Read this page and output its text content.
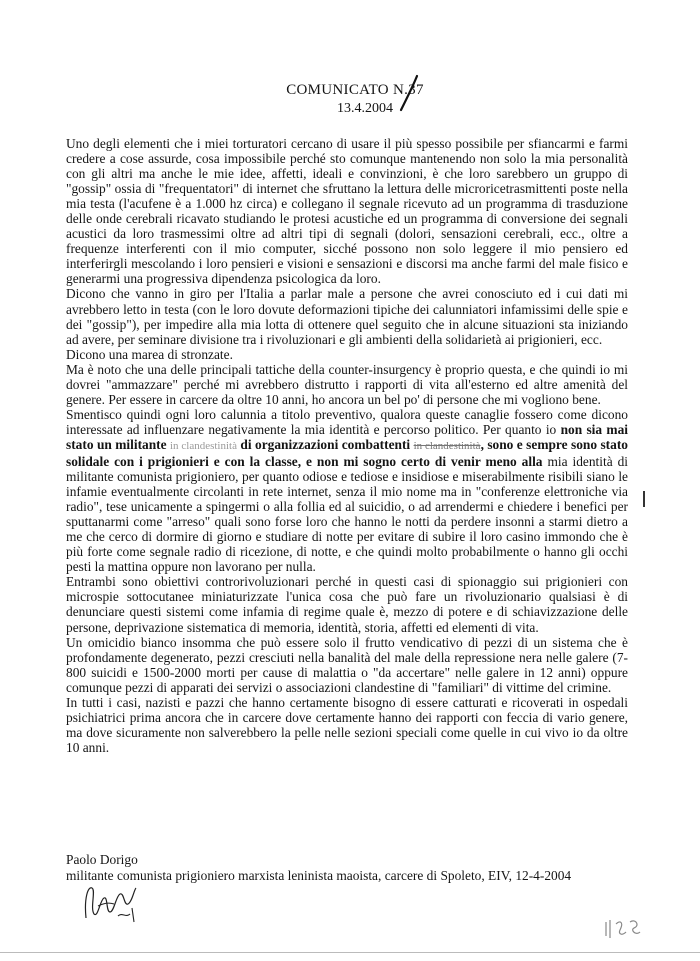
COMUNICATO N.37
13.4.2004

Uno degli elementi che i miei torturatori cercano di usare il più spesso possibile per sfiancarmi e farmi credere a cose assurde, cosa impossibile perché sto comunque mantenendo non solo la mia personalità con gli altri ma anche le mie idee, affetti, ideali e convinzioni, è che loro sarebbero un gruppo di "gossip" ossia di "frequentatori" di internet che sfruttano la lettura delle microricetrasmittenti poste nella mia testa (l'acufene è a 1.000 hz circa) e collegano il segnale ricevuto ad un programma di trasduzione delle onde cerebrali ricavato studiando le protesi acustiche ed un programma di conversione dei segnali acustici da loro trasmessimi oltre ad altri tipi di segnali (dolori, sensazioni cerebrali, ecc., oltre a frequenze interferenti con il mio computer, sicché possono non solo leggere il mio pensiero ed interferirgli mescolando i loro pensieri e visioni e sensazioni e discorsi ma anche farmi del male fisico e generarmi una progressiva dipendenza psicologica da loro.

Dicono che vanno in giro per l'Italia a parlar male a persone che avrei conosciuto ed i cui dati mi avrebbero letto in testa (con le loro dovute deformazioni tipiche dei calunniatori infamissimi delle spie e dei "gossip"), per impedire alla mia lotta di ottenere quel seguito che in alcune situazioni sta iniziando ad avere, per seminare divisione tra i rivoluzionari e gli ambienti della solidarietà ai prigionieri, ecc.

Dicono una marea di stronzate.

Ma è noto che una delle principali tattiche della counter-insurgency è proprio questa, e che quindi io mi dovrei "ammazzare" perché mi avrebbero distrutto i rapporti di vita all'esterno ed altre amenità del genere. Per essere in carcere da oltre 10 anni, ho ancora un bel po' di persone che mi vogliono bene.

Smentisco quindi ogni loro calunnia a titolo preventivo, qualora queste canaglie fossero come dicono interessate ad influenzare negativamente la mia identità e percorso politico. Per quanto io non sia mai stato un militante in clandestinità di organizzazioni combattenti in clandestinità, sono e sempre sono stato solidale con i prigionieri e con la classe, e non mi sogno certo di venir meno alla mia identità di militante comunista prigioniero, per quanto odiose e tediose e insidiose e miserabilmente risibili siano le infamie eventualmente circolanti in rete internet, senza il mio nome ma in "conferenze elettroniche via radio", tese unicamente a spingermi o alla follia ed al suicidio, o ad arrendermi e chiedere i benefici per sputtanarmi come "arreso" quali sono forse loro che hanno le notti da perdere insonni a starmi dietro a me che cerco di dormire di giorno e studiare di notte per evitare di subire il loro casino immondo che è più forte come segnale radio di ricezione, di notte, e che quindi molto probabilmente o hanno gli occhi pesti la mattina oppure non lavorano per nulla.

Entrambi sono obiettivi controrivoluzionari perché in questi casi di spionaggio sui prigionieri con microspie sottocutanee miniaturizzate l'unica cosa che può fare un rivoluzionario qualsiasi è di denunciare questi sistemi come infamia di regime quale è, mezzo di potere e di schiavizzazione delle persone, deprivazione sistematica di memoria, identità, storia, affetti ed elementi di vita.

Un omicidio bianco insomma che può essere solo il frutto vendicativo di pezzi di un sistema che è profondamente degenerato, pezzi cresciuti nella banalità del male della repressione nera nelle galere (7-800 suicidi e 1500-2000 morti per cause di malattia o "da accertare" nelle galere in 12 anni) oppure comunque pezzi di apparati dei servizi o associazioni clandestine di "familiari" di vittime del crimine.

In tutti i casi, nazisti e pazzi che hanno certamente bisogno di essere catturati e ricoverati in ospedali psichiatrici prima ancora che in carcere dove certamente hanno dei rapporti con feccia di vario genere, ma dove sicuramente non salverebbero la pelle nelle sezioni speciali come quelle in cui vivo io da oltre 10 anni.

Paolo Dorigo
militante comunista prigioniero marxista leninista maoista, carcere di Spoleto, EIV, 12-4-2004
